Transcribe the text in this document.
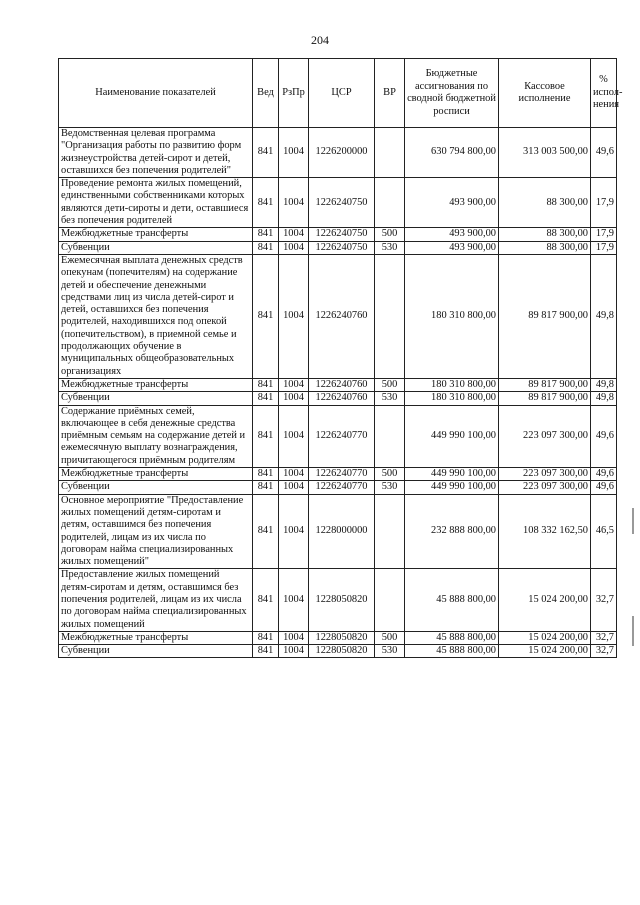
204
Наименование показателей	Вед	РзПр	ЦСР	ВР	Бюджетные ассигнования по сводной бюджетной росписи	Кассовое исполнение	% испол-нения
Ведомственная целевая программа "Организация работы по развитию форм жизнеустройства детей-сирот и детей, оставшихся без попечения родителей"	841	1004	1226200000		630 794 800,00	313 003 500,00	49,6
Проведение ремонта жилых помещений, единственными собственниками которых являются дети-сироты и дети, оставшиеся без попечения родителей	841	1004	1226240750		493 900,00	88 300,00	17,9
Межбюджетные трансферты	841	1004	1226240750	500	493 900,00	88 300,00	17,9
Субвенции	841	1004	1226240750	530	493 900,00	88 300,00	17,9
Ежемесячная выплата денежных средств опекунам (попечителям) на содержание детей и обеспечение денежными средствами лиц из числа детей-сирот и детей, оставшихся без попечения родителей, находившихся под опекой (попечительством), в приемной семье и продолжающих обучение в муниципальных общеобразовательных организациях	841	1004	1226240760		180 310 800,00	89 817 900,00	49,8
Межбюджетные трансферты	841	1004	1226240760	500	180 310 800,00	89 817 900,00	49,8
Субвенции	841	1004	1226240760	530	180 310 800,00	89 817 900,00	49,8
Содержание приёмных семей, включающее в себя денежные средства приёмным семьям на содержание детей и ежемесячную выплату вознаграждения, причитающегося приёмным родителям	841	1004	1226240770		449 990 100,00	223 097 300,00	49,6
Межбюджетные трансферты	841	1004	1226240770	500	449 990 100,00	223 097 300,00	49,6
Субвенции	841	1004	1226240770	530	449 990 100,00	223 097 300,00	49,6
Основное мероприятие "Предоставление жилых помещений детям-сиротам и детям, оставшимся без попечения родителей, лицам из их числа по договорам найма специализированных жилых помещений"	841	1004	1228000000		232 888 800,00	108 332 162,50	46,5
Предоставление жилых помещений детям-сиротам и детям, оставшимся без попечения родителей, лицам из их числа по договорам найма специализированных жилых помещений	841	1004	1228050820		45 888 800,00	15 024 200,00	32,7
Межбюджетные трансферты	841	1004	1228050820	500	45 888 800,00	15 024 200,00	32,7
Субвенции	841	1004	1228050820	530	45 888 800,00	15 024 200,00	32,7
